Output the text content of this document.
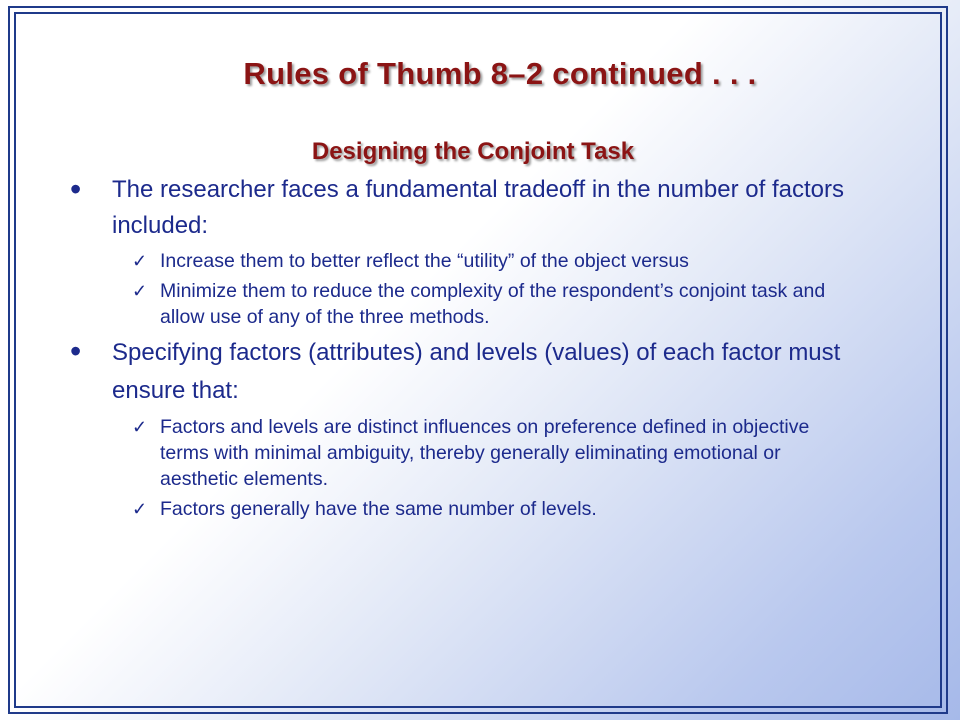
Rules of Thumb 8–2 continued . . .
Designing the Conjoint Task
• The researcher faces a fundamental tradeoff in the number of factors included:
✓ Increase them to better reflect the “utility” of the object versus
✓ Minimize them to reduce the complexity of the respondent’s conjoint task and allow use of any of the three methods.
• Specifying factors (attributes) and levels (values) of each factor must ensure that:
✓ Factors and levels are distinct influences on preference defined in objective terms with minimal ambiguity, thereby generally eliminating emotional or aesthetic elements.
✓ Factors generally have the same number of levels.
